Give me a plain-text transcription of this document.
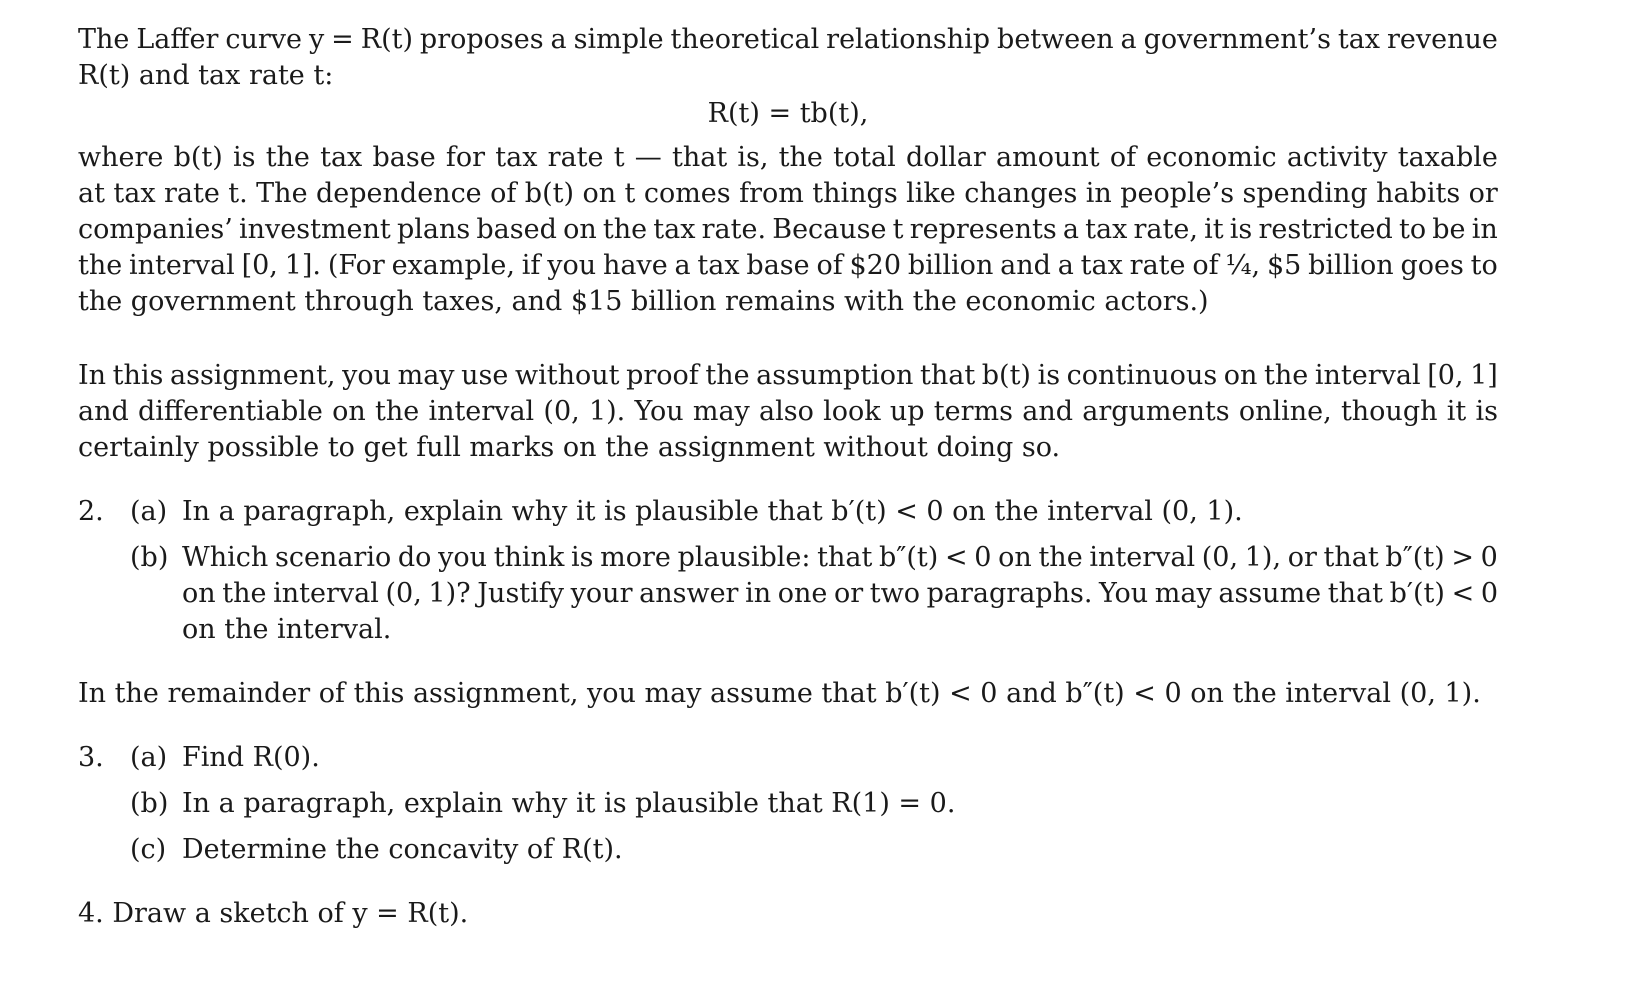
The Laffer curve y = R(t) proposes a simple theoretical relationship between a government’s tax revenue
R(t) and tax rate t:
R(t) = tb(t),
where b(t) is the tax base for tax rate t — that is, the total dollar amount of economic activity taxable
at tax rate t. The dependence of b(t) on t comes from things like changes in people’s spending habits or
companies’ investment plans based on the tax rate. Because t represents a tax rate, it is restricted to be in
the interval [0, 1]. (For example, if you have a tax base of $20 billion and a tax rate of ¼, $5 billion goes to
the government through taxes, and $15 billion remains with the economic actors.)
In this assignment, you may use without proof the assumption that b(t) is continuous on the interval [0, 1]
and differentiable on the interval (0, 1). You may also look up terms and arguments online, though it is
certainly possible to get full marks on the assignment without doing so.
2. (a) In a paragraph, explain why it is plausible that b′(t) < 0 on the interval (0, 1).
(b) Which scenario do you think is more plausible: that b″(t) < 0 on the interval (0, 1), or that b″(t) > 0
on the interval (0, 1)? Justify your answer in one or two paragraphs. You may assume that b′(t) < 0
on the interval.
In the remainder of this assignment, you may assume that b′(t) < 0 and b″(t) < 0 on the interval (0, 1).
3. (a) Find R(0).
(b) In a paragraph, explain why it is plausible that R(1) = 0.
(c) Determine the concavity of R(t).
4. Draw a sketch of y = R(t).
